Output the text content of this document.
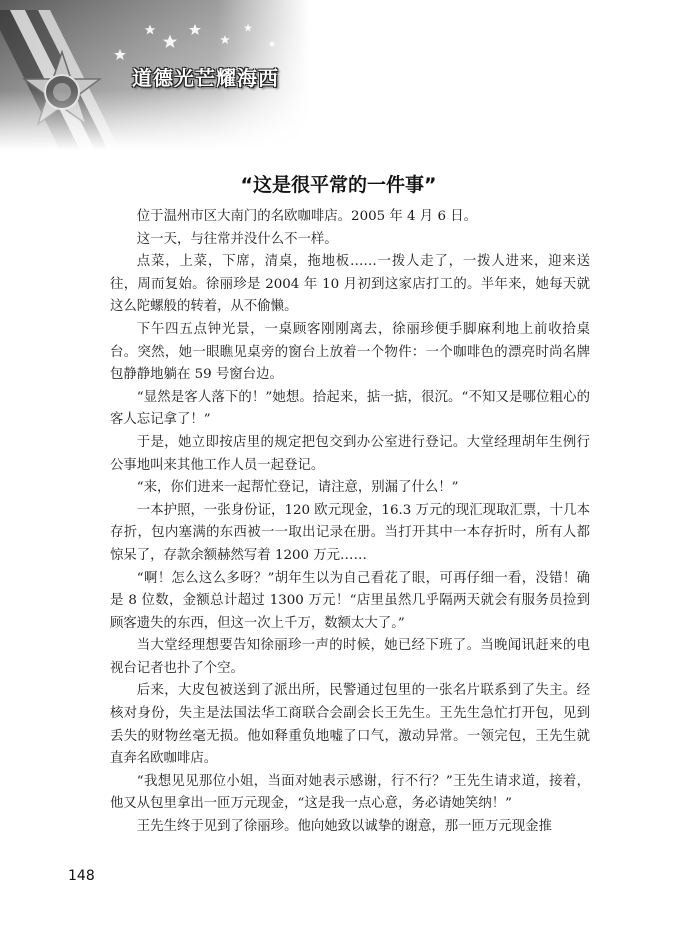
道德光芒耀海西
“这是很平常的一件事”

位于温州市区大南门的名欧咖啡店。2005 年 4 月 6 日。

这一天，与往常并没什么不一样。

点菜，上菜，下席，清桌，拖地板……一拨人走了，一拨人进来，迎来送往，周而复始。徐丽珍是 2004 年 10 月初到这家店打工的。半年来，她每天就这么陀螺般的转着，从不偷懒。

下午四五点钟光景，一桌顾客刚刚离去，徐丽珍便手脚麻利地上前收拾桌台。突然，她一眼瞧见桌旁的窗台上放着一个物件：一个咖啡色的漂亮时尚名牌包静静地躺在 59 号窗台边。

“显然是客人落下的！”她想。拾起来，掂一掂，很沉。“不知又是哪位粗心的客人忘记拿了！”

于是，她立即按店里的规定把包交到办公室进行登记。大堂经理胡年生例行公事地叫来其他工作人员一起登记。

“来，你们进来一起帮忙登记，请注意，别漏了什么！”

一本护照，一张身份证，120 欧元现金，16.3 万元的现汇现取汇票，十几本存折，包内塞满的东西被一一取出记录在册。当打开其中一本存折时，所有人都惊呆了，存款余额赫然写着 1200 万元……

“啊！怎么这么多呀？”胡年生以为自己看花了眼，可再仔细一看，没错！确是 8 位数，金额总计超过 1300 万元！“店里虽然几乎隔两天就会有服务员捡到顾客遗失的东西，但这一次上千万，数额太大了。”

当大堂经理想要告知徐丽珍一声的时候，她已经下班了。当晚闻讯赶来的电视台记者也扑了个空。

后来，大皮包被送到了派出所，民警通过包里的一张名片联系到了失主。经核对身份，失主是法国法华工商联合会副会长王先生。王先生急忙打开包，见到丢失的财物丝毫无损。他如释重负地嘘了口气，激动异常。一领完包，王先生就直奔名欧咖啡店。

“我想见见那位小姐，当面对她表示感谢，行不行？”王先生请求道，接着，他又从包里拿出一匝万元现金，“这是我一点心意，务必请她笑纳！”

王先生终于见到了徐丽珍。他向她致以诚挚的谢意，那一匝万元现金推

148
